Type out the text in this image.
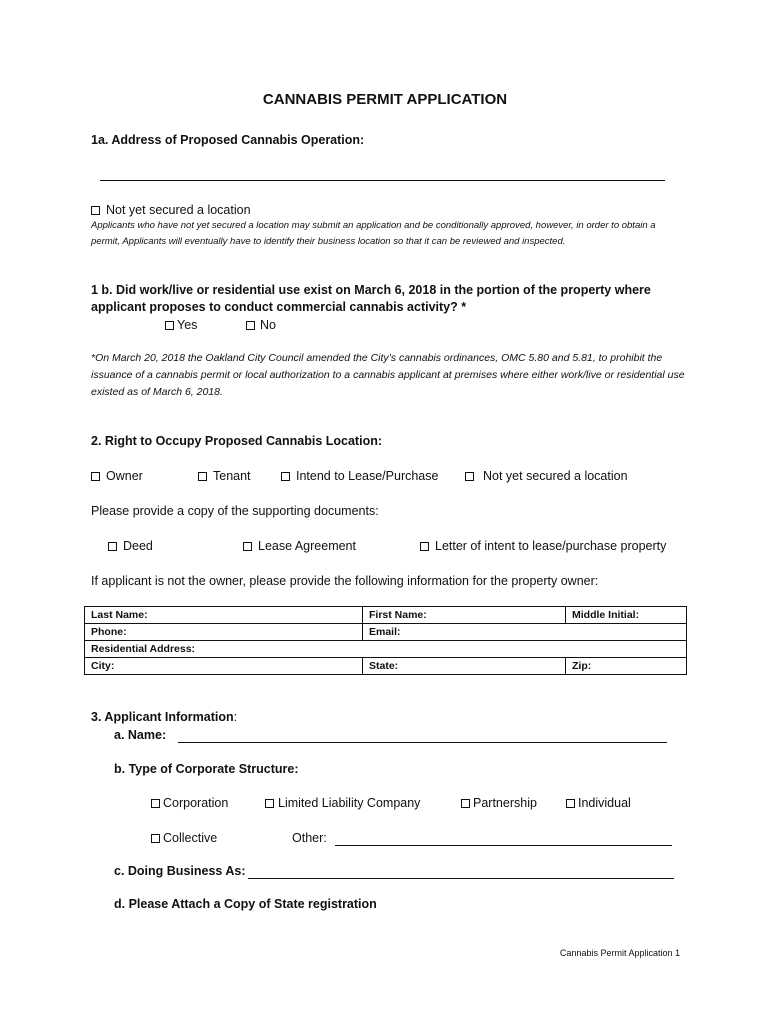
CANNABIS PERMIT APPLICATION
1a. Address of Proposed Cannabis Operation:
Not yet secured a location
Applicants who have not yet secured a location may submit an application and be conditionally approved, however, in order to obtain a permit, Applicants will eventually have to identify their business location so that it can be reviewed and inspected.
1 b. Did work/live or residential use exist on March 6, 2018 in the portion of the property where applicant proposes to conduct commercial cannabis activity? *
Yes	No
*On March 20, 2018 the Oakland City Council amended the City’s cannabis ordinances, OMC 5.80 and 5.81, to prohibit the issuance of a cannabis permit or local authorization to a cannabis applicant at premises where either work/live or residential use existed as of March 6, 2018.
2. Right to Occupy Proposed Cannabis Location:
Owner	Tenant	Intend to Lease/Purchase	Not yet secured a location
Please provide a copy of the supporting documents:
Deed	Lease Agreement	Letter of intent to lease/purchase property
If applicant is not the owner, please provide the following information for the property owner:
Last Name:	First Name:	Middle Initial:
Phone:	Email:	
Residential Address:		
City:	State:	Zip:
3. Applicant Information:
a. Name:
b. Type of Corporate Structure:
Corporation	Limited Liability Company	Partnership	Individual
Collective	Other:
c. Doing Business As:
d. Please Attach a Copy of State registration
Cannabis Permit Application 1
